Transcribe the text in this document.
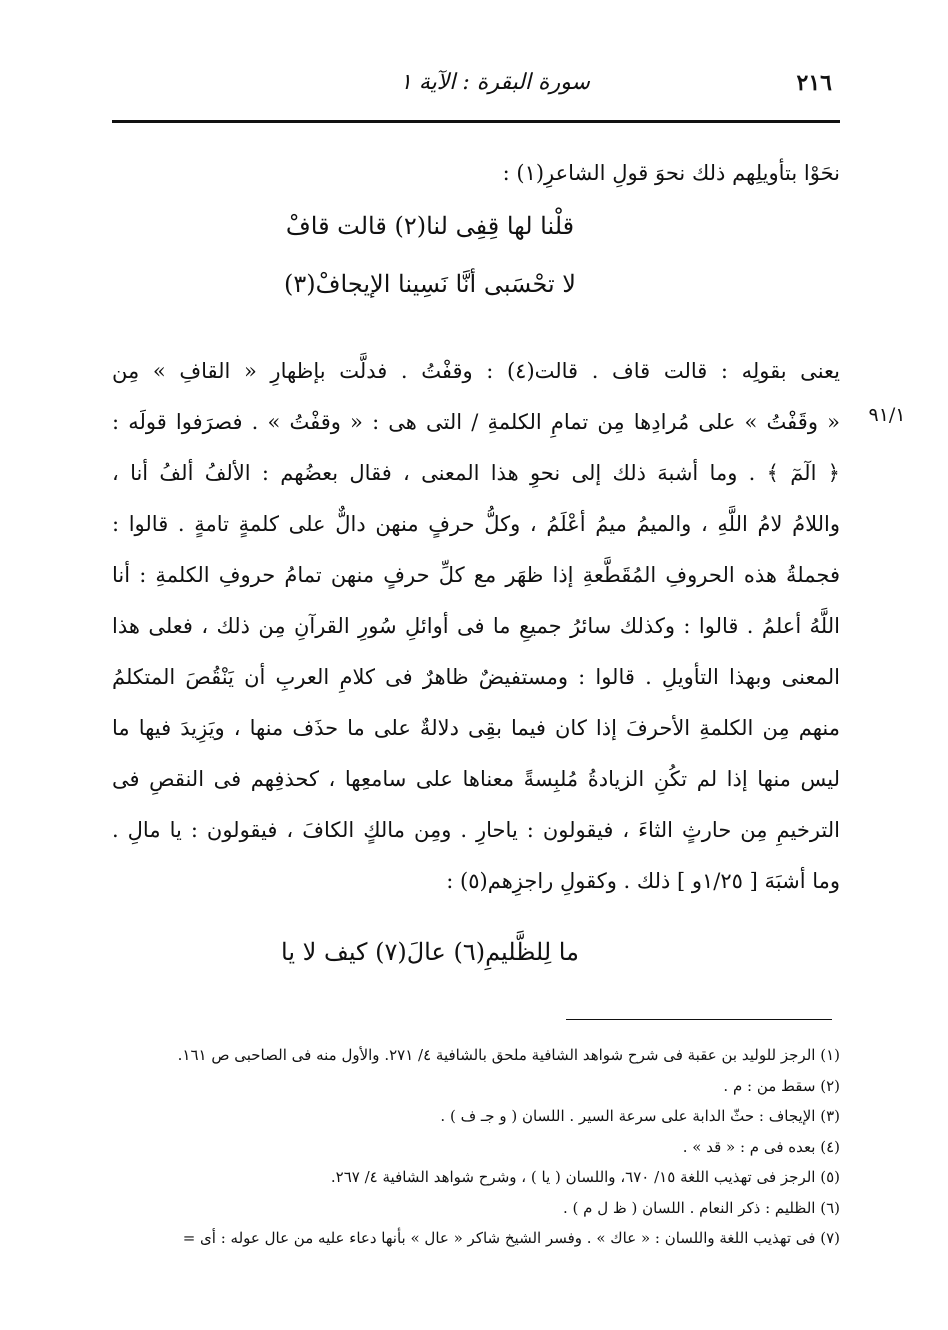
٢١٦
سورة البقرة : الآية ١
نحَوْا بتأويلِهم ذلك نحوَ قولِ الشاعرِ(١) :
قلْنا لها قِفِى لنا(٢) قالت قافْ
لا تحْسَبى أنَّا نَسِينا الإيجافْ(٣)
يعنى بقولِه : قالت قاف . قالت(٤) : وقفْتُ . فدلَّت بإظهارِ « القافِ » مِن
« وقَفْتُ » على مُرادِها مِن تمامِ الكلمةِ / التى هى : « وقفْتُ » . فصرَفوا قولَه :
﴿ الٓمٓ ﴾ . وما أشبهَ ذلك إلى نحوِ هذا المعنى ، فقال بعضُهم : الألفُ ألفُ أنا ،
واللامُ لامُ اللَّهِ ، والميمُ ميمُ أعْلَمُ ، وكلُّ حرفٍ منهن دالٌّ على كلمةٍ تامةٍ . قالوا :
فجملةُ هذه الحروفِ المُقَطَّعةِ إذا ظهَر مع كلِّ حرفٍ منهن تمامُ حروفِ الكلمةِ : أنا
اللَّهُ أعلمُ . قالوا : وكذلك سائرُ جميعِ ما فى أوائلِ سُورِ القرآنِ مِن ذلك ، فعلى هذا
المعنى وبهذا التأويلِ . قالوا : ومستفيضٌ ظاهرٌ فى كلامِ العربِ أن يَنْقُصَ المتكلمُ
منهم مِن الكلمةِ الأحرفَ إذا كان فيما بقِى دلالةٌ على ما حذَف منها ، ويَزِيدَ فيها ما
ليس منها إذا لم تكُنِ الزيادةُ مُلبِسةً معناها على سامعِها ، كحذفِهم فى النقصِ فى
الترخيمِ مِن حارثٍ الثاءَ ، فيقولون : ياحارِ . ومِن مالكٍ الكافَ ، فيقولون : يا مالِ .
وما أشبَهَ [ ١/٢٥و ] ذلك . وكقولِ راجزِهم(٥) :
٩١/١
ما لِلظَّليمِ(٦) عالَ(٧) كيف لا يا
(١) الرجز للوليد بن عقبة فى شرح شواهد الشافية ملحق بالشافية ٤/ ٢٧١. والأول منه فى الصاحبى ص ١٦١.
(٢) سقط من : م .
(٣) الإيجاف : حثّ الدابة على سرعة السير . اللسان ( و جـ ف ) .
(٤) بعده فى م : « قد » .
(٥) الرجز فى تهذيب اللغة ١٥/ ٦٧٠، واللسان ( يا ) ، وشرح شواهد الشافية ٤/ ٢٦٧.
(٦) الظليم : ذكر النعام . اللسان ( ظ ل م ) .
(٧) فى تهذيب اللغة واللسان : « عاك » . وفسر الشيخ شاكر « عال » بأنها دعاء عليه من عال عوله : أى =
